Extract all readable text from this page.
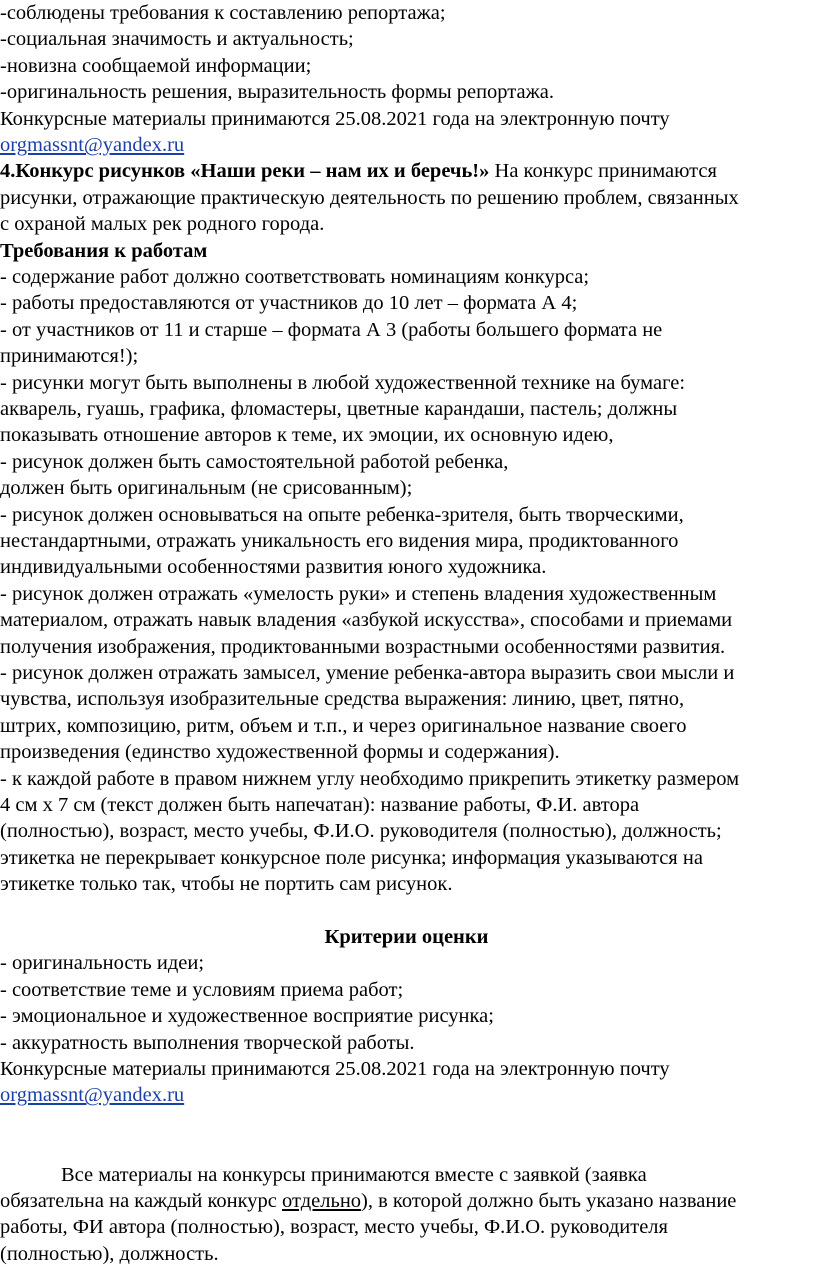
-соблюдены требования к составлению репортажа;
-социальная значимость и актуальность;
-новизна сообщаемой информации;
-оригинальность решения, выразительность формы репортажа.
Конкурсные материалы принимаются 25.08.2021 года на электронную почту
orgmassnt@yandex.ru
4.Конкурс рисунков «Наши реки – нам их и беречь!» На конкурс принимаются
рисунки, отражающие практическую деятельность по решению проблем, связанных
с охраной малых рек родного города.
Требования к работам
- содержание работ должно соответствовать номинациям конкурса;
- работы предоставляются от участников до 10 лет – формата А 4;
- от участников от 11 и старше – формата А 3 (работы большего формата не
принимаются!);
- рисунки могут быть выполнены в любой художественной технике на бумаге:
акварель, гуашь, графика, фломастеры, цветные карандаши, пастель; должны
показывать отношение авторов к теме, их эмоции, их основную идею,
- рисунок должен быть самостоятельной работой ребенка,
должен быть оригинальным (не срисованным);
- рисунок должен основываться на опыте ребенка-зрителя, быть творческими,
нестандартными, отражать уникальность его видения мира, продиктованного
индивидуальными особенностями развития юного художника.
- рисунок должен отражать «умелость руки» и степень владения художественным
материалом, отражать навык владения «азбукой искусства», способами и приемами
получения изображения, продиктованными возрастными особенностями развития.
- рисунок должен отражать замысел, умение ребенка-автора выразить свои мысли и
чувства, используя изобразительные средства выражения: линию, цвет, пятно,
штрих, композицию, ритм, объем и т.п., и через оригинальное название своего
произведения (единство художественной формы и содержания).
- к каждой работе в правом нижнем углу необходимо прикрепить этикетку размером
4 см х 7 см (текст должен быть напечатан): название работы, Ф.И. автора
(полностью), возраст, место учебы, Ф.И.О. руководителя (полностью), должность;
этикетка не перекрывает конкурсное поле рисунка; информация указываются на
этикетке только так, чтобы не портить сам рисунок.
Критерии оценки
- оригинальность идеи;
- соответствие теме и условиям приема работ;
- эмоциональное и художественное восприятие рисунка;
- аккуратность выполнения творческой работы.
Конкурсные материалы принимаются 25.08.2021 года на электронную почту
orgmassnt@yandex.ru
Все материалы на конкурсы принимаются вместе с заявкой (заявка
обязательна на каждый конкурс отдельно), в которой должно быть указано название
работы, ФИ автора (полностью), возраст, место учебы, Ф.И.О. руководителя
(полностью), должность.
